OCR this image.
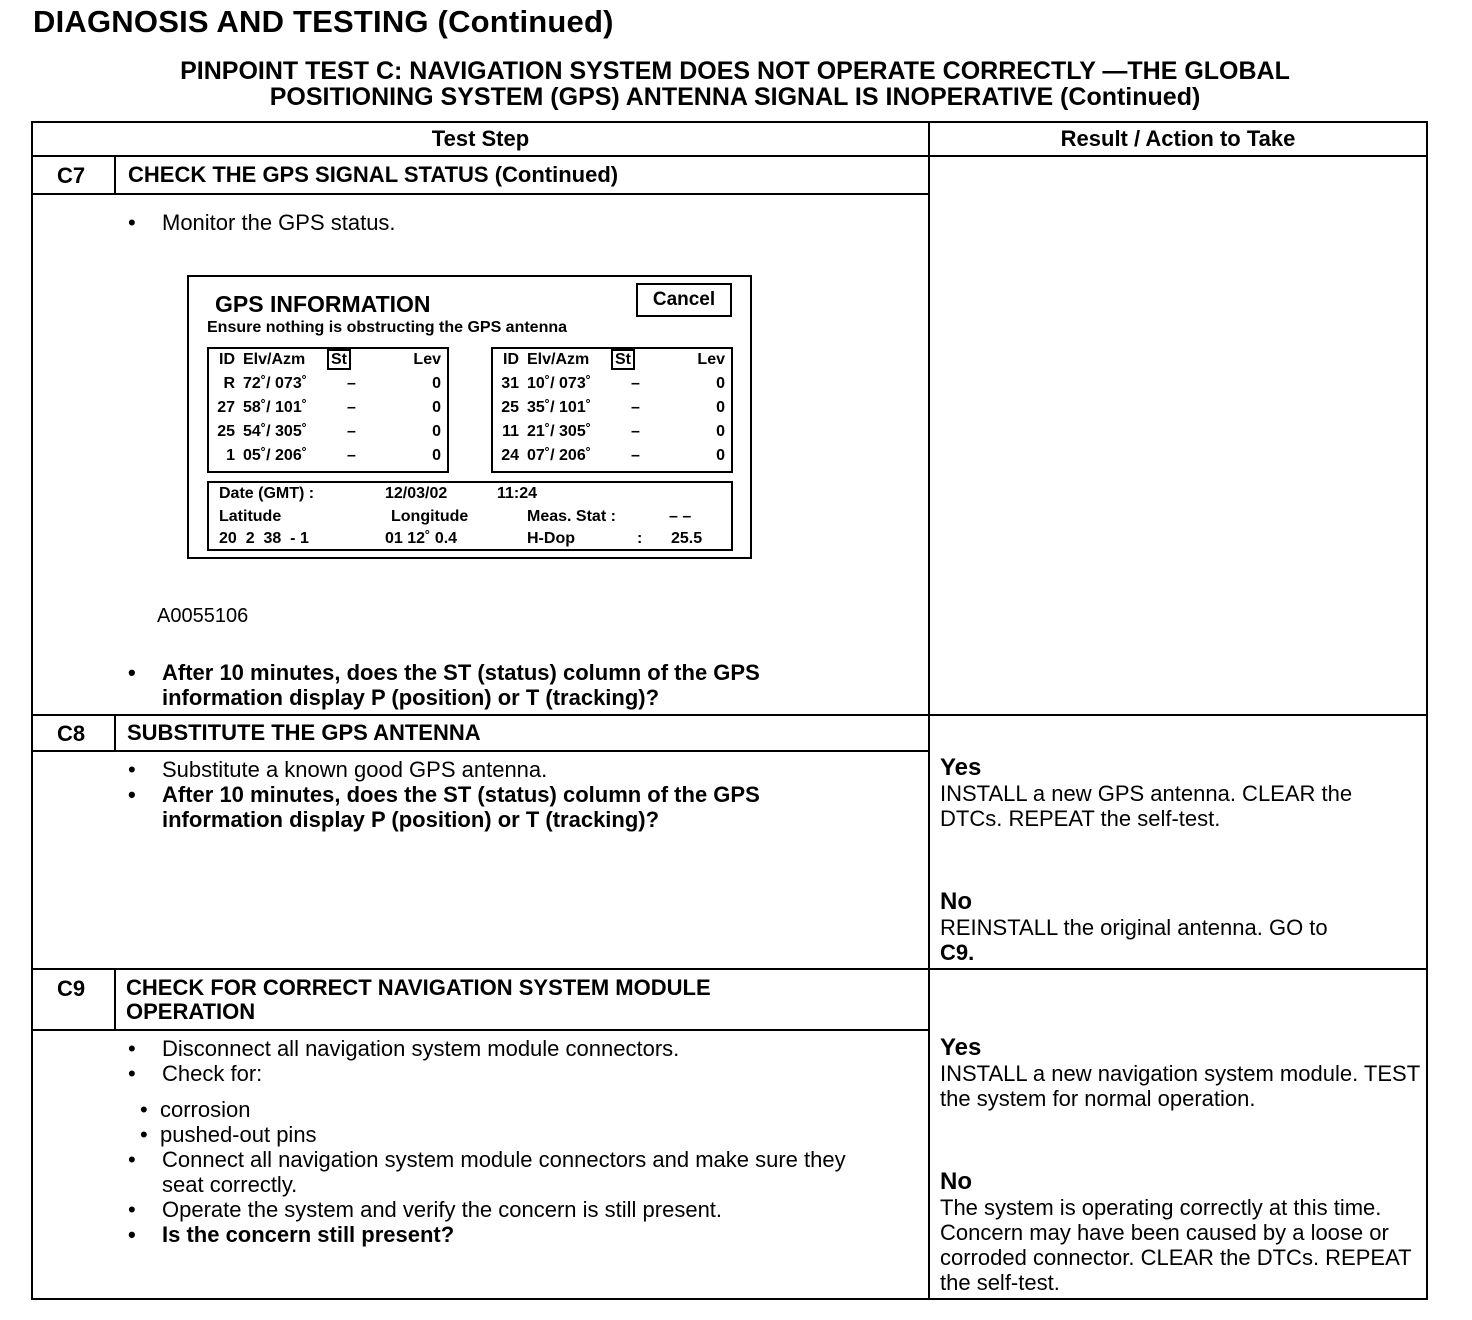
DIAGNOSIS AND TESTING (Continued)
PINPOINT TEST C: NAVIGATION SYSTEM DOES NOT OPERATE CORRECTLY —THE GLOBAL
POSITIONING SYSTEM (GPS) ANTENNA SIGNAL IS INOPERATIVE (Continued)
Test Step	Result / Action to Take
C7 CHECK THE GPS SIGNAL STATUS (Continued)
• Monitor the GPS status.
GPS INFORMATION	Cancel
Ensure nothing is obstructing the GPS antenna
ID Elv/Azm St	Lev
R 72˚/ 073˚ –	0
27 58˚/ 101˚ –	0
25 54˚/ 305˚ –	0
1 05˚/ 206˚ –	0
ID Elv/Azm St	Lev
31 10˚/ 073˚ –	0
25 35˚/ 101˚ –	0
11 21˚/ 305˚ –	0
24 07˚/ 206˚ –	0
Date (GMT) :	12/03/02	11:24
Latitude	Longitude	Meas. Stat :	– –
20  2  38  - 1	01 12˚ 0.4	H-Dop	: 25.5
A0055106
• After 10 minutes, does the ST (status) column of the GPS information display P (position) or T (tracking)?
C8 SUBSTITUTE THE GPS ANTENNA
• Substitute a known good GPS antenna.
• After 10 minutes, does the ST (status) column of the GPS information display P (position) or T (tracking)?
Yes
INSTALL a new GPS antenna. CLEAR the DTCs. REPEAT the self-test.
No
REINSTALL the original antenna. GO to
C9.
C9 CHECK FOR CORRECT NAVIGATION SYSTEM MODULE
OPERATION
• Disconnect all navigation system module connectors.
• Check for:
• corrosion
• pushed-out pins
• Connect all navigation system module connectors and make sure they seat correctly.
• Operate the system and verify the concern is still present.
• Is the concern still present?
Yes
INSTALL a new navigation system module. TEST the system for normal operation.
No
The system is operating correctly at this time. Concern may have been caused by a loose or corroded connector. CLEAR the DTCs. REPEAT the self-test.
